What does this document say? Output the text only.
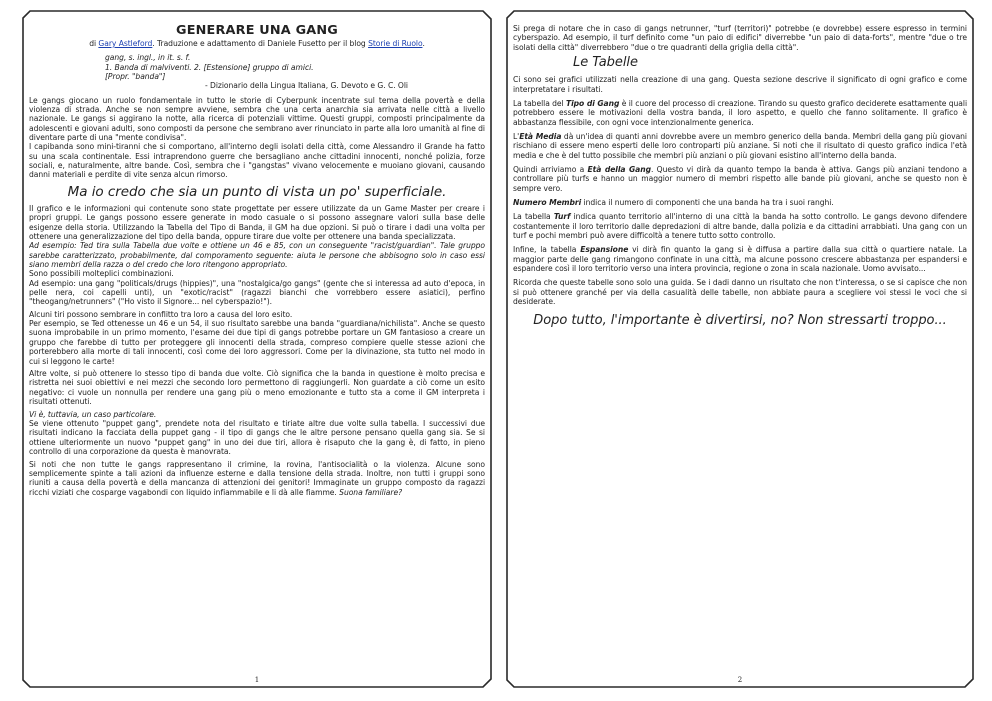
GENERARE UNA GANG
di Gary Astleford. Traduzione e adattamento di Daniele Fusetto per il blog Storie di Ruolo.
gang, s. ingl., in it. s. f.
1. Banda di malviventi. 2. [Estensione] gruppo di amici.
[Propr. "banda"]
- Dizionario della Lingua Italiana, G. Devoto e G. C. Oli

Le gangs giocano un ruolo fondamentale in tutto le storie di Cyberpunk incentrate sul tema della povertà e della violenza di strada. Anche se non sempre avviene, sembra che una certa anarchia sia arrivata nelle città a livello nazionale. Le gangs si aggirano la notte, alla ricerca di potenziali vittime. Questi gruppi, composti principalmente da adolescenti e giovani adulti, sono composti da persone che sembrano aver rinunciato in parte alla loro umanità al fine di diventare parte di una "mente condivisa".

I capibanda sono mini-tiranni che si comportano, all'interno degli isolati della città, come Alessandro il Grande ha fatto su una scala continentale. Essi intraprendono guerre che bersagliano anche cittadini innocenti, nonché polizia, forze sociali, e, naturalmente, altre bande. Così, sembra che i "gangstas" vivano velocemente e muoiano giovani, causando danni materiali e perdite di vite senza alcun rimorso.

Ma io credo che sia un punto di vista un po' superficiale.

Il grafico e le informazioni qui contenute sono state progettate per essere utilizzate da un Game Master per creare i propri gruppi. Le gangs possono essere generate in modo casuale o si possono assegnare valori sulla base delle esigenze della storia. Utilizzando la Tabella del Tipo di Banda, il GM ha due opzioni. Si può o tirare i dadi una volta per ottenere una generalizzazione del tipo della banda, oppure tirare due volte per ottenere una banda specializzata.

Ad esempio: Ted tira sulla Tabella due volte e ottiene un 46 e 85, con un conseguente "racist/guardian". Tale gruppo sarebbe caratterizzato, probabilmente, dal comporamento seguente: aiuta le persone che abbisogno solo in caso essi siano membri della razza o del credo che loro ritengono appropriato.

Sono possibili molteplici combinazioni.

Ad esempio: una gang "politicals/drugs (hippies)", una "nostalgica/go gangs" (gente che si interessa ad auto d'epoca, in pelle nera, coi capelli unti), un "exotic/racist" (ragazzi bianchi che vorrebbero essere asiatici), perfino "theogang/netrunners" ("Ho visto il Signore... nel cyberspazio!").

Alcuni tiri possono sembrare in conflitto tra loro a causa del loro esito.

Per esempio, se Ted ottenesse un 46 e un 54, il suo risultato sarebbe una banda "guardiana/nichilista". Anche se questo suona improbabile in un primo momento, l'esame dei due tipi di gangs potrebbe portare un GM fantasioso a creare un gruppo che farebbe di tutto per proteggere gli innocenti della strada, compreso compiere quelle stesse azioni che porterebbero alla morte di tali innocenti, così come dei loro aggressori. Come per la divinazione, sta tutto nel modo in cui si leggono le carte!

Altre volte, si può ottenere lo stesso tipo di banda due volte. Ciò significa che la banda in questione è molto precisa e ristretta nei suoi obiettivi e nei mezzi che secondo loro permettono di raggiungerli. Non guardate a ciò come un esito negativo: ci vuole un nonnulla per rendere una gang più o meno emozionante e tutto sta a come il GM interpreta i risultati ottenuti.

Vi è, tuttavia, un caso particolare.

Se viene ottenuto "puppet gang", prendete nota del risultato e tiriate altre due volte sulla tabella. I successivi due risultati indicano la facciata della puppet gang - il tipo di gangs che le altre persone pensano quella gang sia. Se si ottiene ulteriormente un nuovo "puppet gang" in uno dei due tiri, allora è risaputo che la gang è, di fatto, in pieno controllo di una corporazione da questa è manovrata.

Si noti che non tutte le gangs rappresentano il crimine, la rovina, l'antisocialità o la violenza. Alcune sono semplicemente spinte a tali azioni da influenze esterne e dalla tensione della strada. Inoltre, non tutti i gruppi sono riuniti a causa della povertà e della mancanza di attenzioni dei genitori! Immaginate un gruppo composto da ragazzi ricchi viziati che cosparge vagabondi con liquido infiammabile e li dà alle fiamme. Suona familiare?

1

Si prega di notare che in caso di gangs netrunner, "turf (territori)" potrebbe (e dovrebbe) essere espresso in termini cyberspazio. Ad esempio, il turf definito come "un paio di edifici" diverrebbe "un paio di data-forts", mentre "due o tre isolati della città" diverrebbero "due o tre quadranti della griglia della città".

Le Tabelle

Ci sono sei grafici utilizzati nella creazione di una gang. Questa sezione descrive il significato di ogni grafico e come interpretatare i risultati.

La tabella del Tipo di Gang è il cuore del processo di creazione. Tirando su questo grafico deciderete esattamente quali potrebbero essere le motivazioni della vostra banda, il loro aspetto, e quello che fanno solitamente. Il grafico è abbastanza flessibile, con ogni voce intenzionalmente generica.

L'Età Media dà un'idea di quanti anni dovrebbe avere un membro generico della banda. Membri della gang più giovani rischiano di essere meno esperti delle loro controparti più anziane. Si noti che il risultato di questo grafico indica l'età media e che è del tutto possibile che membri più anziani o più giovani esistino all'interno della banda.

Quindi arriviamo a Età della Gang. Questo vi dirà da quanto tempo la banda è attiva. Gangs più anziani tendono a controllare più turfs e hanno un maggior numero di membri rispetto alle bande più giovani, anche se questo non è sempre vero.

Numero Membri indica il numero di componenti che una banda ha tra i suoi ranghi.

La tabella Turf indica quanto territorio all'interno di una città la banda ha sotto controllo. Le gangs devono difendere costantemente il loro territorio dalle depredazioni di altre bande, dalla polizia e da cittadini arrabbiati. Una gang con un turf e pochi membri può avere difficoltà a tenere tutto sotto controllo.

Infine, la tabella Espansione vi dirà fin quanto la gang si è diffusa a partire dalla sua città o quartiere natale. La maggior parte delle gang rimangono confinate in una città, ma alcune possono crescere abbastanza per espandersi e espandere così il loro territorio verso una intera provincia, regione o zona in scala nazionale. Uomo avvisato...

Ricorda che queste tabelle sono solo una guida. Se i dadi danno un risultato che non t'interessa, o se si capisce che non si può ottenere granché per via della casualità delle tabelle, non abbiate paura a scegliere voi stessi le voci che si desiderate.

Dopo tutto, l'importante è divertirsi, no? Non stressarti troppo...
2
